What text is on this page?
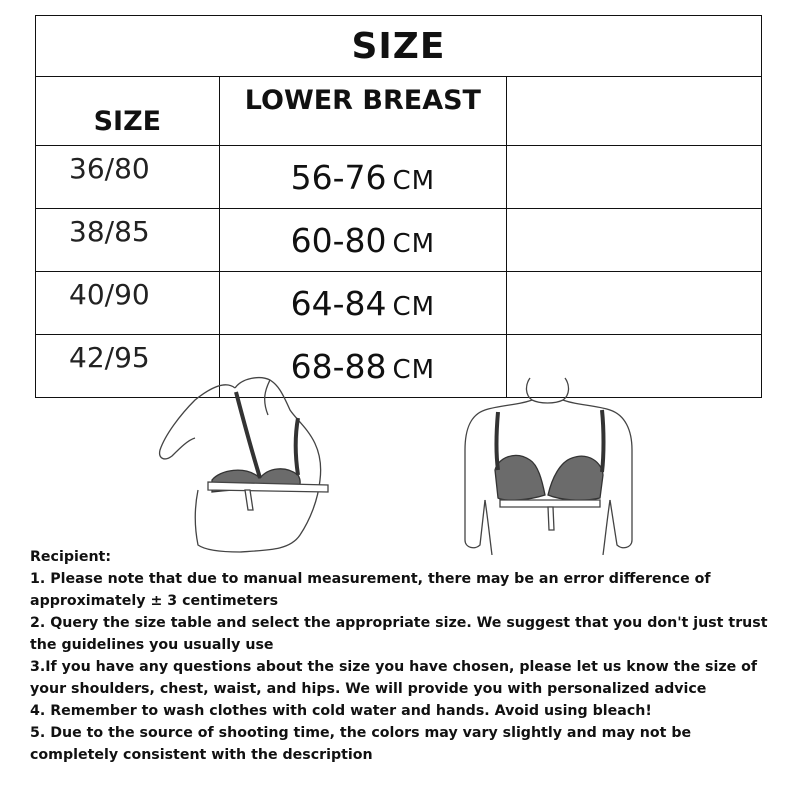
SIZE		
SIZE	LOWER BREAST	
36/80	56-76 CM	
38/85	60-80 CM	
40/90	64-84 CM	
42/95	68-88 CM	

Recipient:

1. Please note that due to manual measurement, there may be an error difference of approximately ± 3 centimeters

2. Query the size table and select the appropriate size. We suggest that you don't just trust the guidelines you usually use

3.If you have any questions about the size you have chosen, please let us know the size of your shoulders, chest, waist, and hips. We will provide you with personalized advice

4. Remember to wash clothes with cold water and hands. Avoid using bleach!

5. Due to the source of shooting time, the colors may vary slightly and may not be completely consistent with the description
